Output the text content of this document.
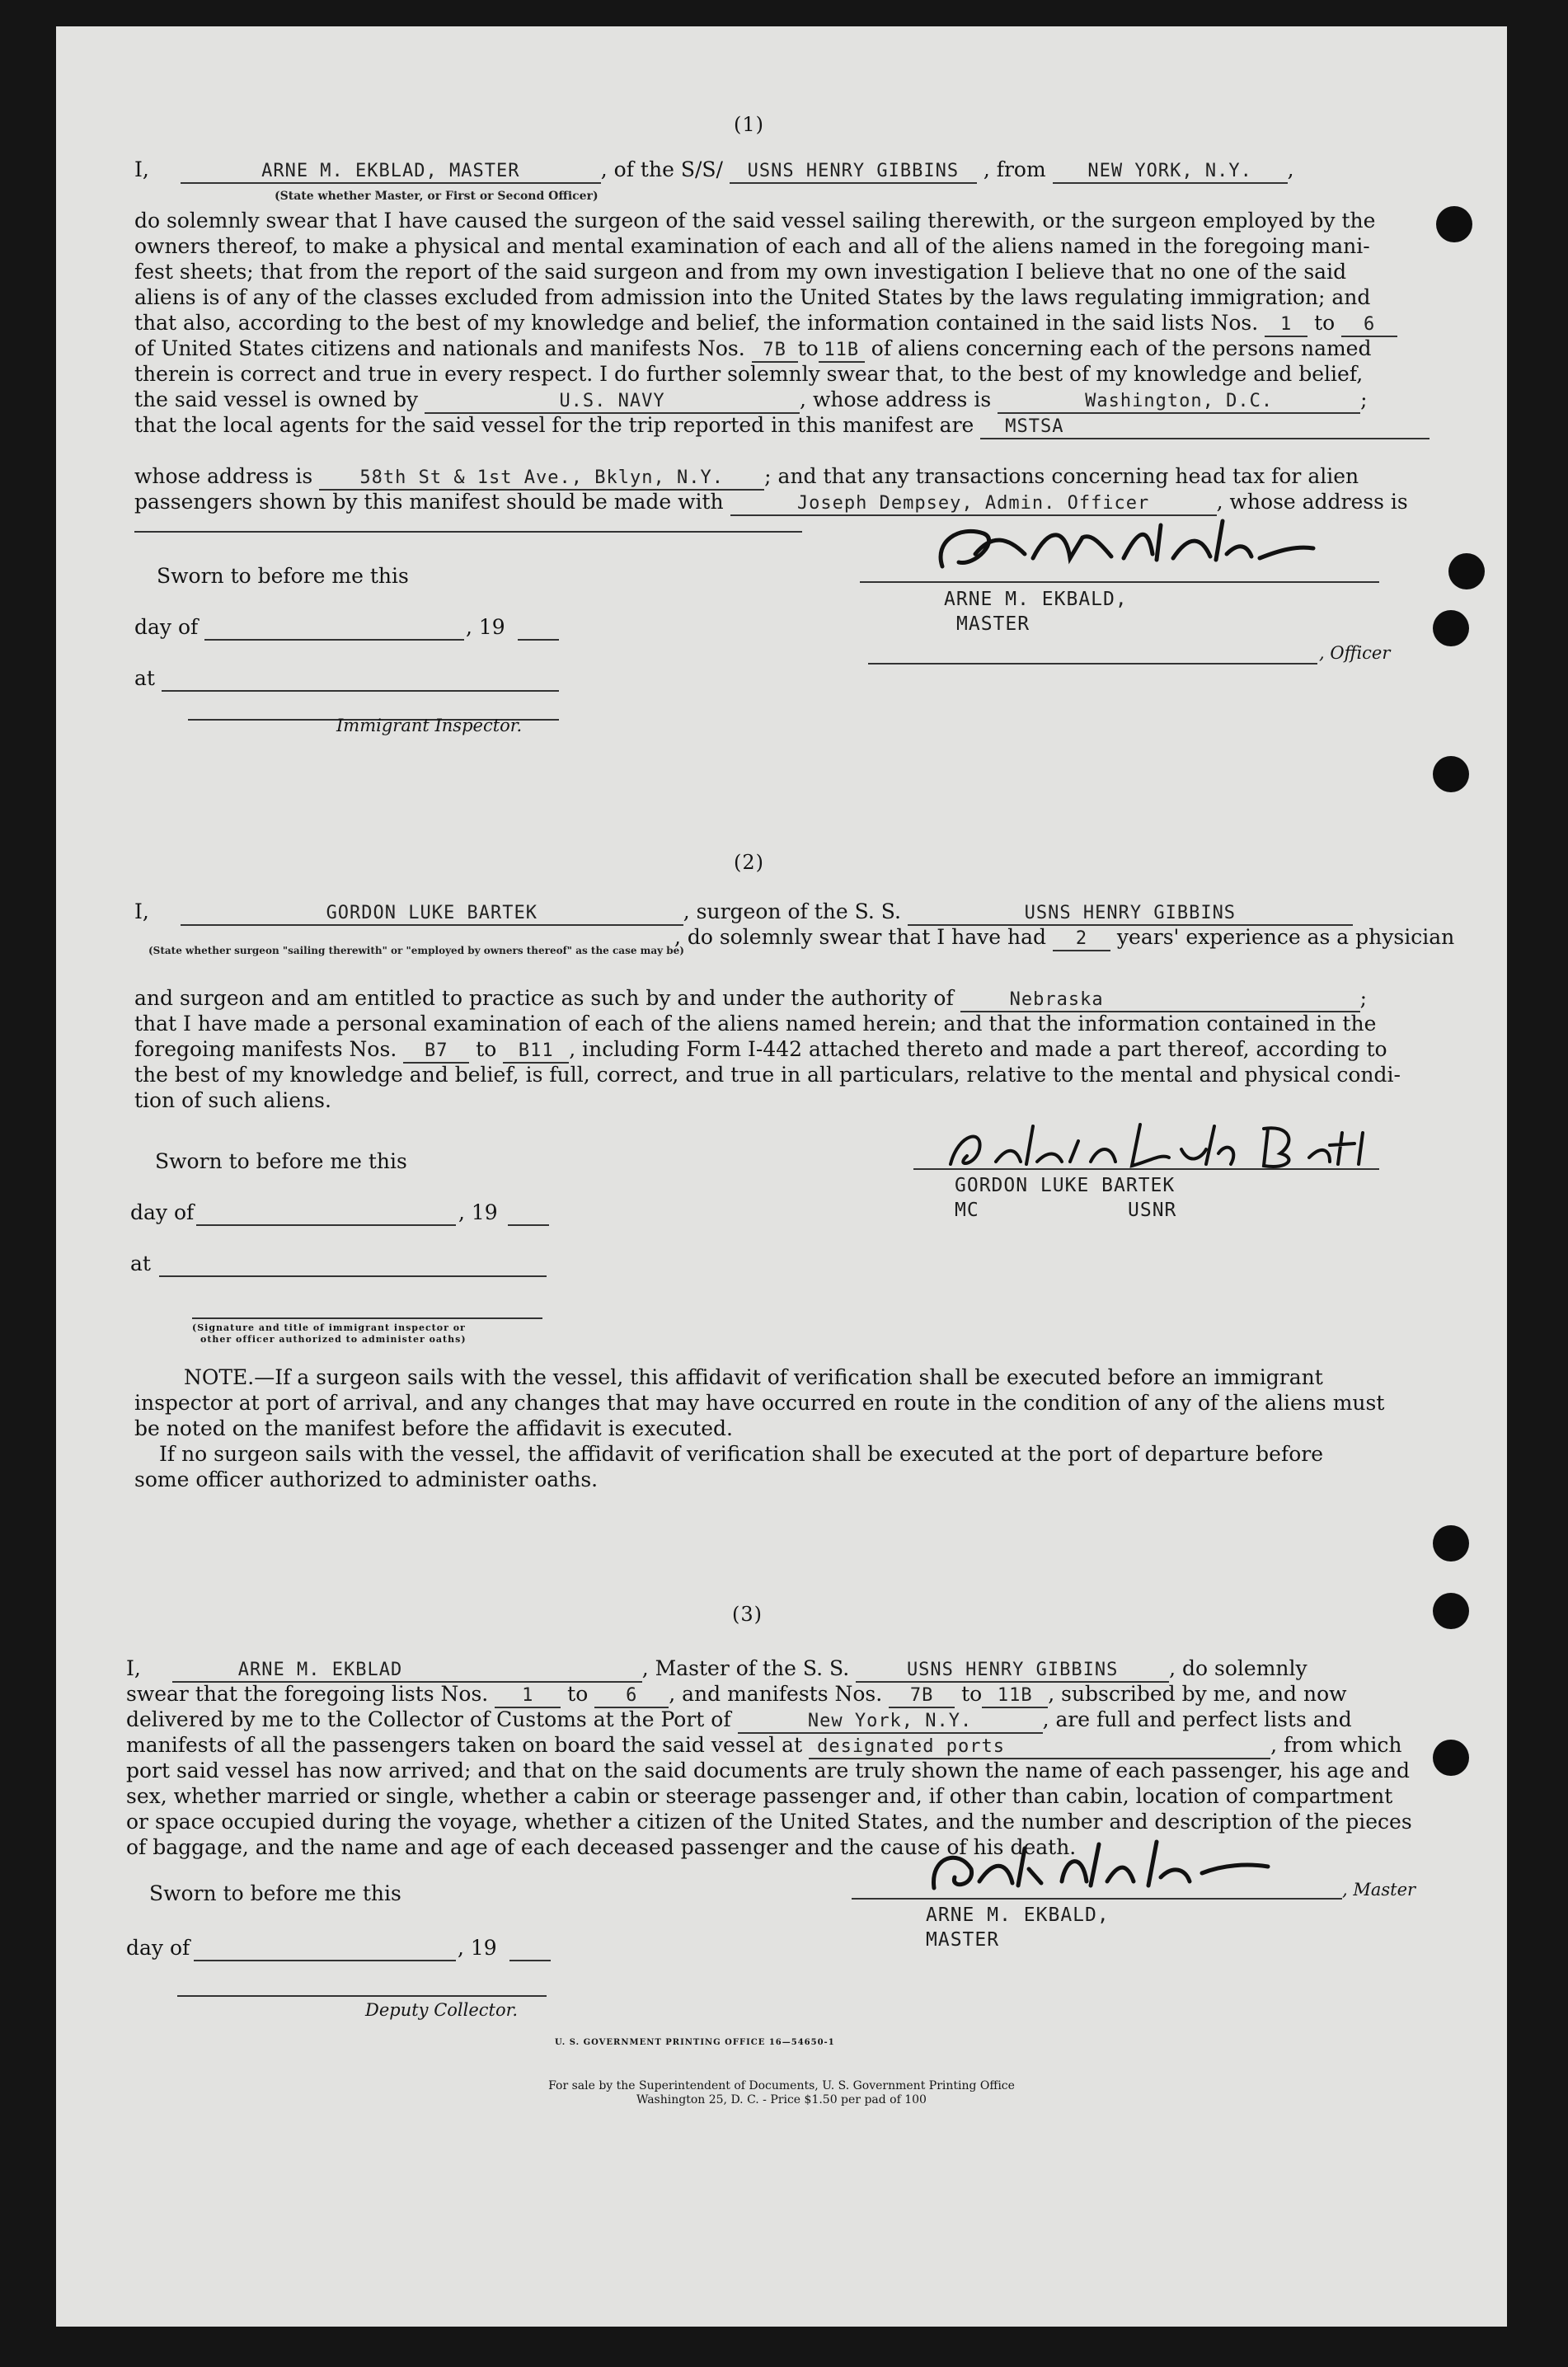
(1)
I,	ARNE M. EKBLAD, MASTER	, of the S/S/ USNS HENRY GIBBINS , from NEW YORK, N.Y. ,
(State whether Master, or First or Second Officer)
do solemnly swear that I have caused the surgeon of the said vessel sailing therewith, or the surgeon employed by the
owners thereof, to make a physical and mental examination of each and all of the aliens named in the foregoing mani-
fest sheets; that from the report of the said surgeon and from my own investigation I believe that no one of the said
aliens is of any of the classes excluded from admission into the United States by the laws regulating immigration; and
that also, according to the best of my knowledge and belief, the information contained in the said lists Nos. 1 to 6
of United States citizens and nationals and manifests Nos. 7B to 11B of aliens concerning each of the persons named
therein is correct and true in every respect. I do further solemnly swear that, to the best of my knowledge and belief,
the said vessel is owned by	U.S. NAVY	, whose address is	Washington, D.C.	;
that the local agents for the said vessel for the trip reported in this manifest are MSTSA
whose address is	58th St & 1st Ave., Bklyn, N.Y. ; and that any transactions concerning head tax for alien
passengers shown by this manifest should be made with	Joseph Dempsey, Admin. Officer	, whose address is
Sworn to before me this
day of	, 19
at
Immigrant Inspector.
ARNE M. EKBALD,
MASTER
, Officer
(2)
I,	GORDON LUKE BARTEK	, surgeon of the S. S.	USNS HENRY GIBBINS
, do solemnly swear that I have had 2 years' experience as a physician
(State whether surgeon "sailing therewith" or "employed by owners thereof" as the case may be)
and surgeon and am entitled to practice as such by and under the authority of	Nebraska	;
that I have made a personal examination of each of the aliens named herein; and that the information contained in the
foregoing manifests Nos. B7 to B11 , including Form I-442 attached thereto and made a part thereof, according to
the best of my knowledge and belief, is full, correct, and true in all particulars, relative to the mental and physical condi-
tion of such aliens.
Sworn to before me this
day of	, 19
at
(Signature and title of immigrant inspector or
other officer authorized to administer oaths)
GORDON LUKE BARTEK
MC	USNR
NOTE.—If a surgeon sails with the vessel, this affidavit of verification shall be executed before an immigrant
inspector at port of arrival, and any changes that may have occurred en route in the condition of any of the aliens must
be noted on the manifest before the affidavit is executed.
If no surgeon sails with the vessel, the affidavit of verification shall be executed at the port of departure before
some officer authorized to administer oaths.
(3)
I,	ARNE M. EKBLAD	, Master of the S. S.	USNS HENRY GIBBINS , do solemnly
swear that the foregoing lists Nos. 1 to 6 , and manifests Nos. 7B to 11B , subscribed by me, and now
delivered by me to the Collector of Customs at the Port of	New York, N.Y.	, are full and perfect lists and
manifests of all the passengers taken on board the said vessel at designated ports	, from which
port said vessel has now arrived; and that on the said documents are truly shown the name of each passenger, his age and
sex, whether married or single, whether a cabin or steerage passenger and, if other than cabin, location of compartment
or space occupied during the voyage, whether a citizen of the United States, and the number and description of the pieces
of baggage, and the name and age of each deceased passenger and the cause of his death.
Sworn to before me this
day of	, 19
Deputy Collector.
, Master
ARNE M. EKBALD,
MASTER
U. S. GOVERNMENT PRINTING OFFICE 16—54650-1
For sale by the Superintendent of Documents, U. S. Government Printing Office
Washington 25, D. C. - Price $1.50 per pad of 100
